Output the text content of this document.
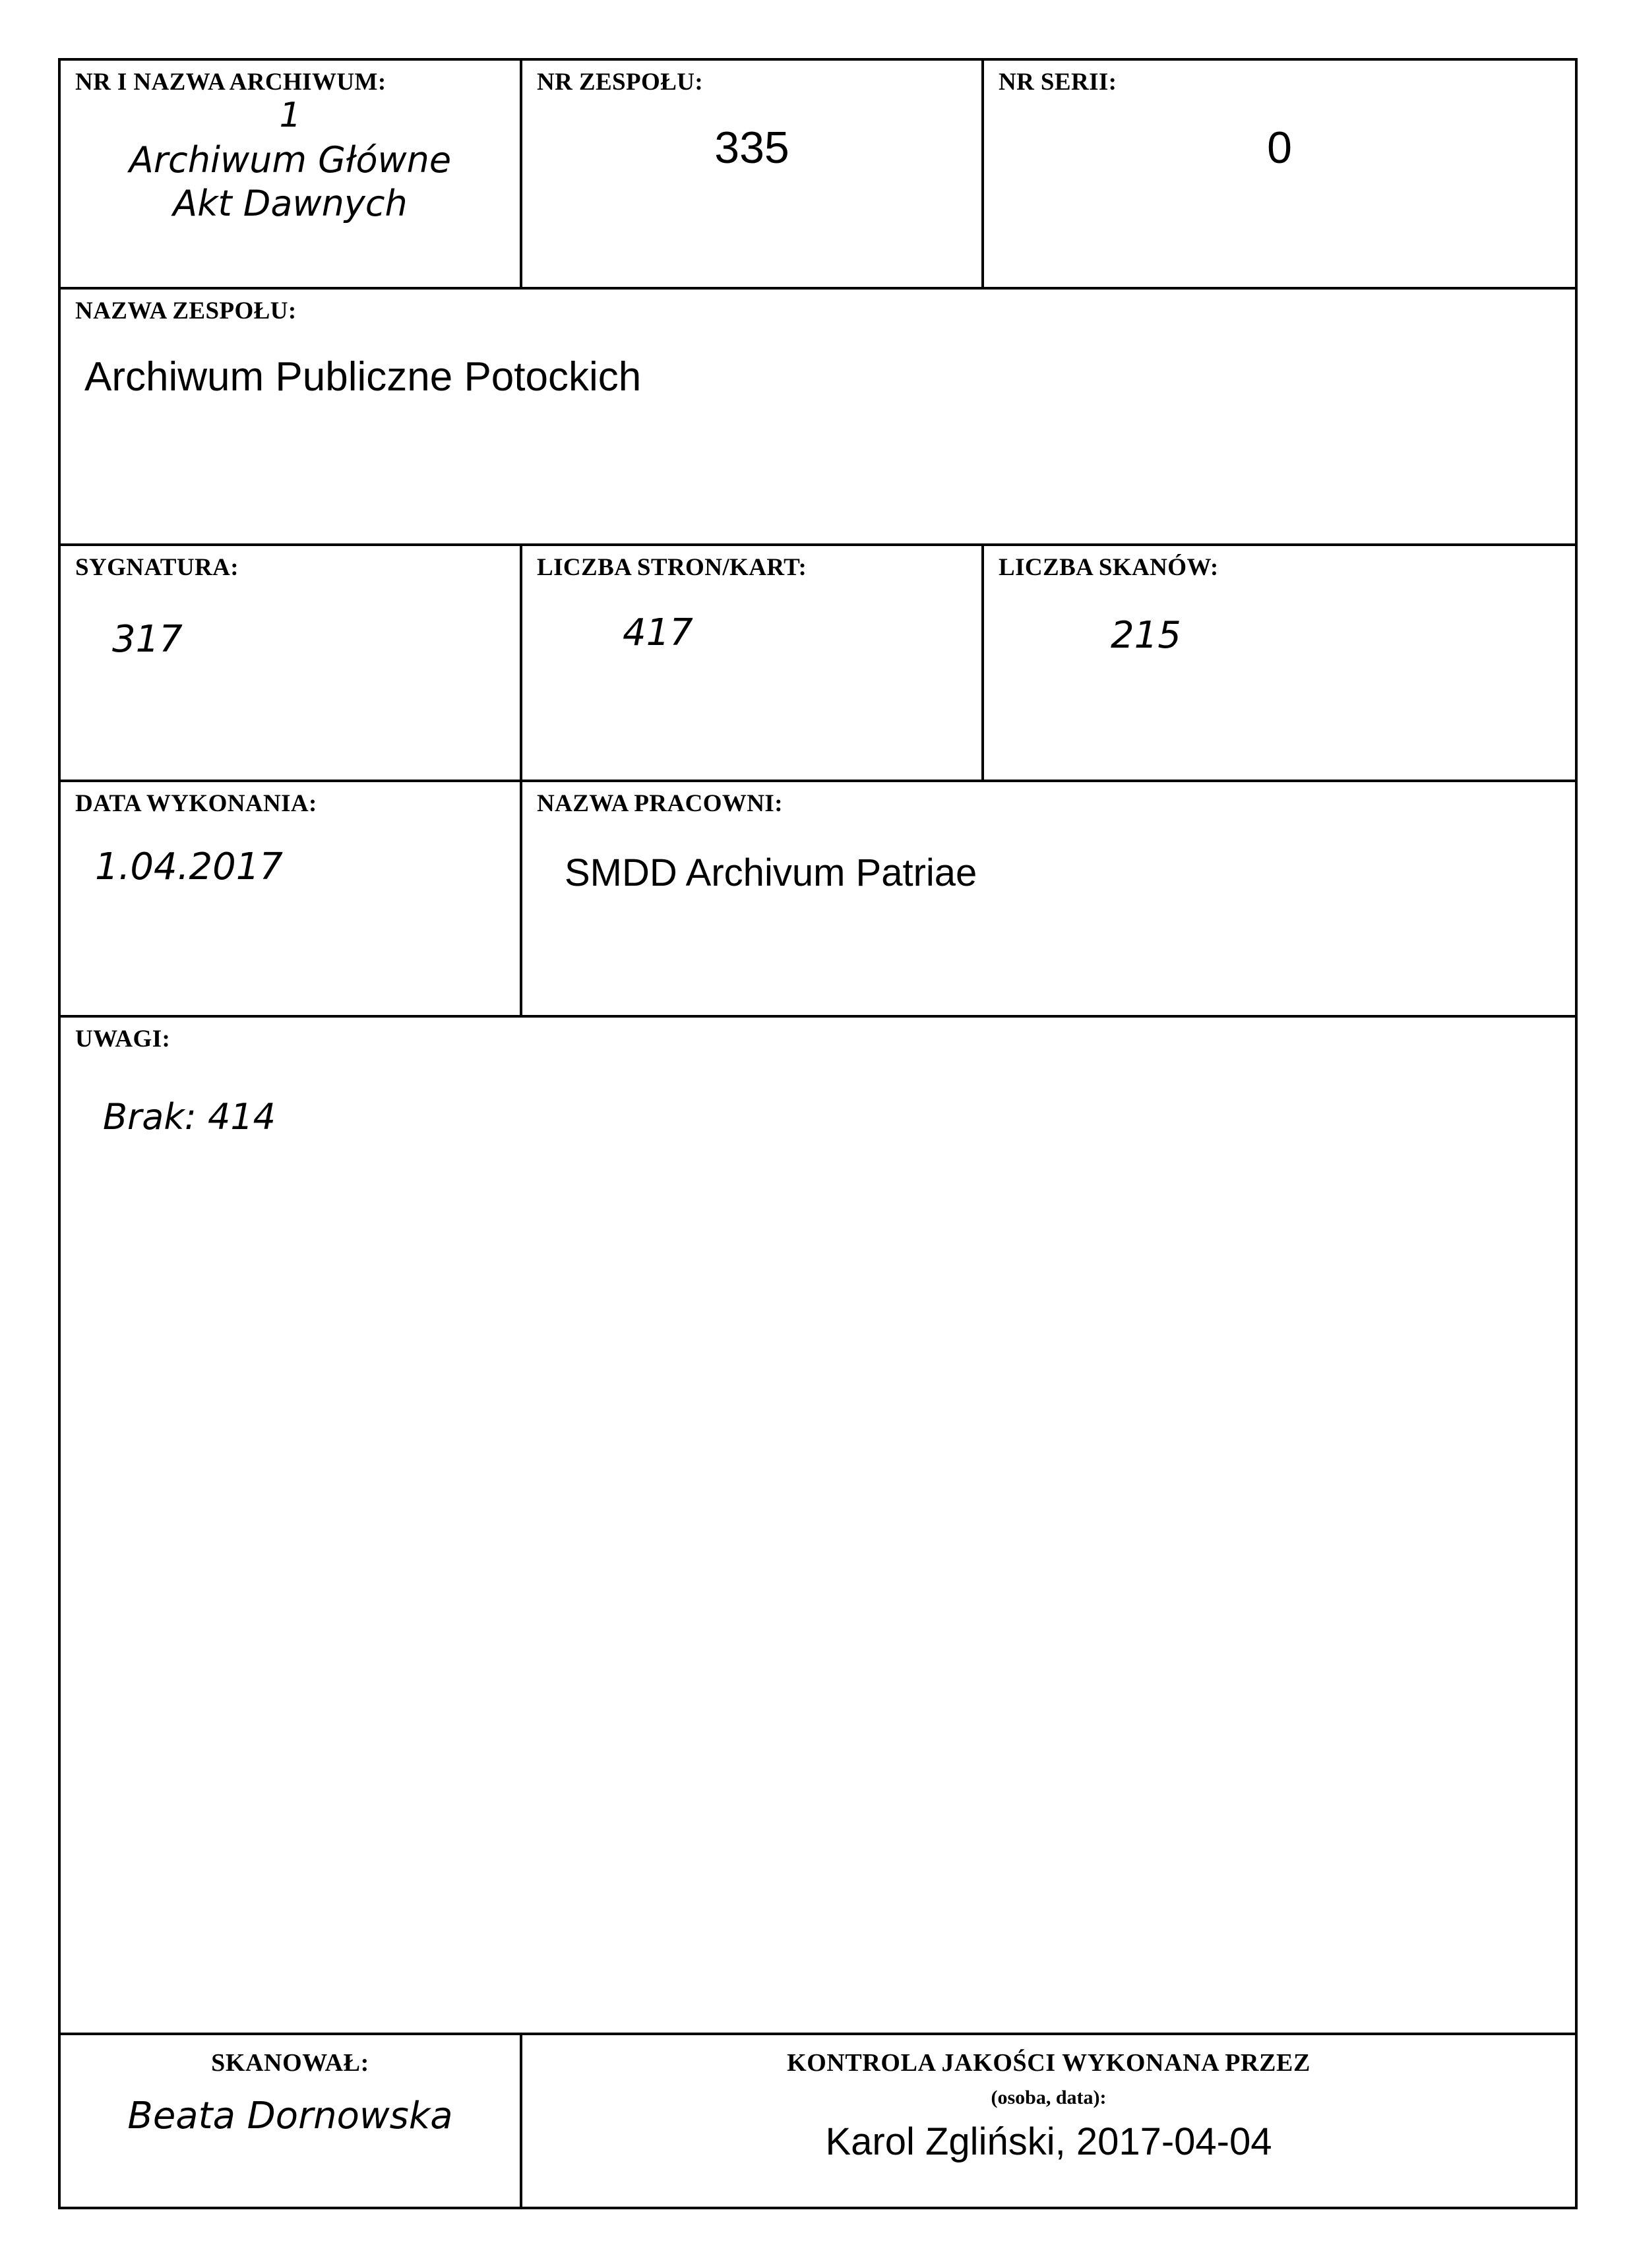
NR I NAZWA ARCHIWUM:
1
Archiwum Główne
Akt Dawnych

NR ZESPOŁU:
335

NR SERII:
0

NAZWA ZESPOŁU:
Archiwum Publiczne Potockich		

SYGNATURA:
317

LICZBA STRON/KART:
417

LICZBA SKANÓW:
215

DATA WYKONANIA:
1.04.2017

NAZWA PRACOWNI:
SMDD Archivum Patriae

UWAGI:
Brak: 414		

SKANOWAŁ:
Beata Dornowska

KONTROLA JAKOŚCI WYKONANA PRZEZ
(osoba, data):
Karol Zgliński, 2017-04-04
